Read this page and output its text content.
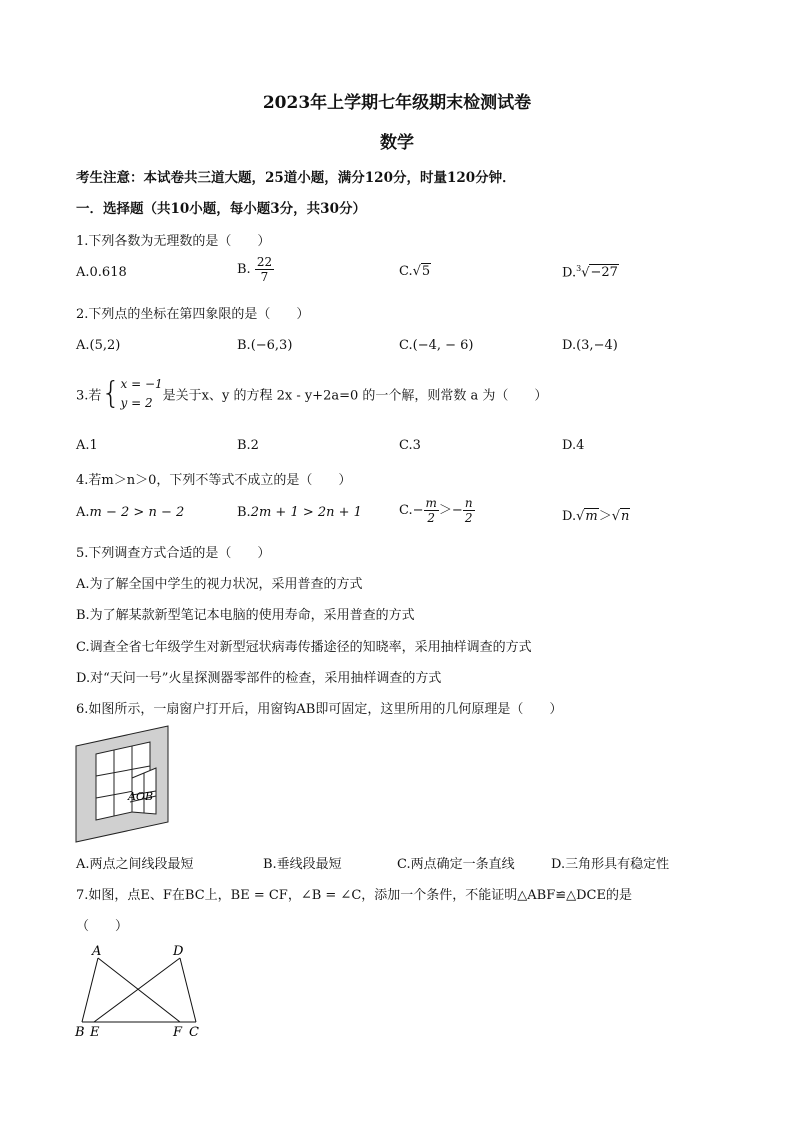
2023年上学期七年级期末检测试卷
数学
考生注意：本试卷共三道大题，25道小题，满分120分，时量120分钟．
一．选择题（共10小题，每小题3分，共30分）
1.下列各数为无理数的是（　　）
A.0.618	B. $\frac{22}{7}$	C.√5	D.$^3$√−27
2.下列点的坐标在第四象限的是（　　）
A.(5,2)	B.(−6,3)	C.(−4, − 6)	D.(3,−4)
3.若{ x = −1
y = 2 是关于x、y 的方程 2x - y+2a=0 的一个解，则常数 a 为（　　）
A.1	B.2	C.3	D.4
4.若m＞n＞0，下列不等式不成立的是（　　）
A.m − 2 > n − 2	B.2m + 1 > 2n + 1	$C.- \frac{m}{2} >- \frac{n}{2}$	D.√m＞√n
5.下列调查方式合适的是（　　）
A.为了解全国中学生的视力状况，采用普查的方式
B.为了解某款新型笔记本电脑的使用寿命，采用普查的方式
C.调查全省七年级学生对新型冠状病毒传播途径的知晓率，采用抽样调查的方式
D.对“天问一号”火星探测器零部件的检查，采用抽样调查的方式
6.如图所示，一扇窗户打开后，用窗钩AB即可固定，这里所用的几何原理是（　　）
AOB
A.两点之间线段最短	B.垂线段最短	C.两点确定一条直线	D.三角形具有稳定性
7.如图，点E、F在BC上，BE = CF，∠B = ∠C，添加一个条件，不能证明△ABF≌△DCE的是
（　　）
A	D
B E	F C
